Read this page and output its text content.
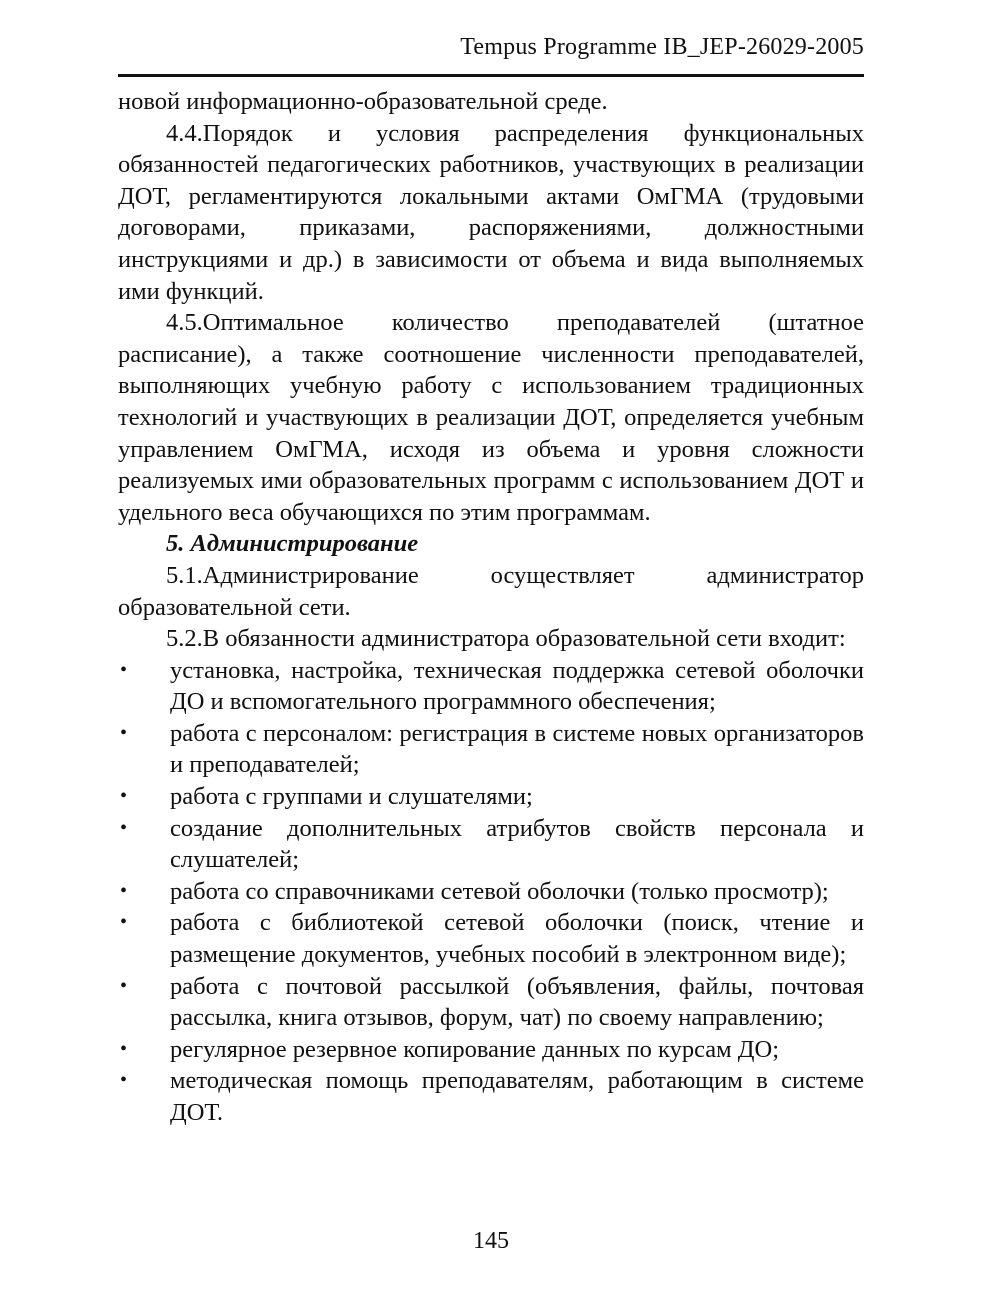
Tempus Programme IB_JEP-26029-2005

новой информационно-образовательной среде.

4.4.Порядок и условия распределения функциональных обязанностей педагогических работников, участвующих в реализации ДОТ, регламентируются локальными актами ОмГМА (трудовыми договорами, приказами, распоряжениями, должностными инструкциями и др.) в зависимости от объема и вида выполняемых ими функций.

4.5.Оптимальное количество преподавателей (штатное расписание), а также соотношение численности преподавателей, выполняющих учебную работу с использованием традиционных технологий и участвующих в реализации ДОТ, определяется учебным управлением ОмГМА, исходя из объема и уровня сложности реализуемых ими образовательных программ с использованием ДОТ и удельного веса обучающихся по этим программам.

5. Администрирование

5.1.Администрирование осуществляет администратор образовательной сети.

5.2.В обязанности администратора образовательной сети входит:

• установка, настройка, техническая поддержка сетевой оболочки ДО и вспомогательного программного обеспечения;
• работа с персоналом: регистрация в системе новых организаторов и преподавателей;
• работа с группами и слушателями;
• создание дополнительных атрибутов свойств персонала и слушателей;
• работа со справочниками сетевой оболочки (только просмотр);
• работа с библиотекой сетевой оболочки (поиск, чтение и размещение документов, учебных пособий в электронном виде);
• работа с почтовой рассылкой (объявления, файлы, почтовая рассылка, книга отзывов, форум, чат) по своему направлению;
• регулярное резервное копирование данных по курсам ДО;
• методическая помощь преподавателям, работающим в системе ДОТ.
145
